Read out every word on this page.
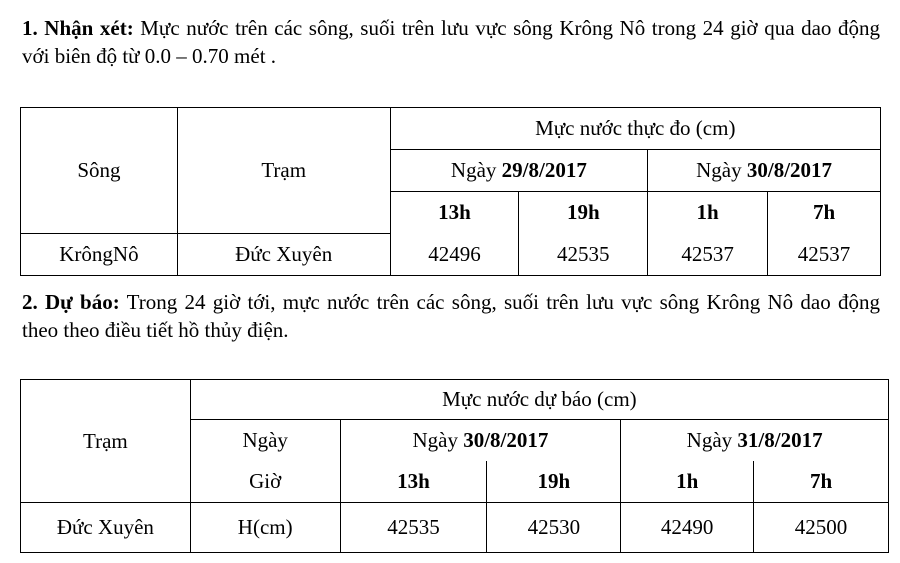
1. Nhận xét: Mực nước trên các sông, suối trên lưu vực sông Krông Nô trong 24 giờ qua dao động với biên độ từ 0.0 – 0.70 mét .

Sông	Trạm	Mực nước thực đo (cm)			
		Ngày 29/8/2017		Ngày 30/8/2017	
		13h	19h	1h	7h
KrôngNô	Đức Xuyên	42496	42535	42537	42537

2. Dự báo: Trong 24 giờ tới, mực nước trên các sông, suối trên lưu vực sông Krông Nô dao động theo theo điều tiết hồ thủy điện.

Trạm	Mực nước dự báo (cm)				
	Ngày	Ngày 30/8/2017		Ngày 31/8/2017	
	Giờ	13h	19h	1h	7h
Đức Xuyên	H(cm)	42535	42530	42490	42500
